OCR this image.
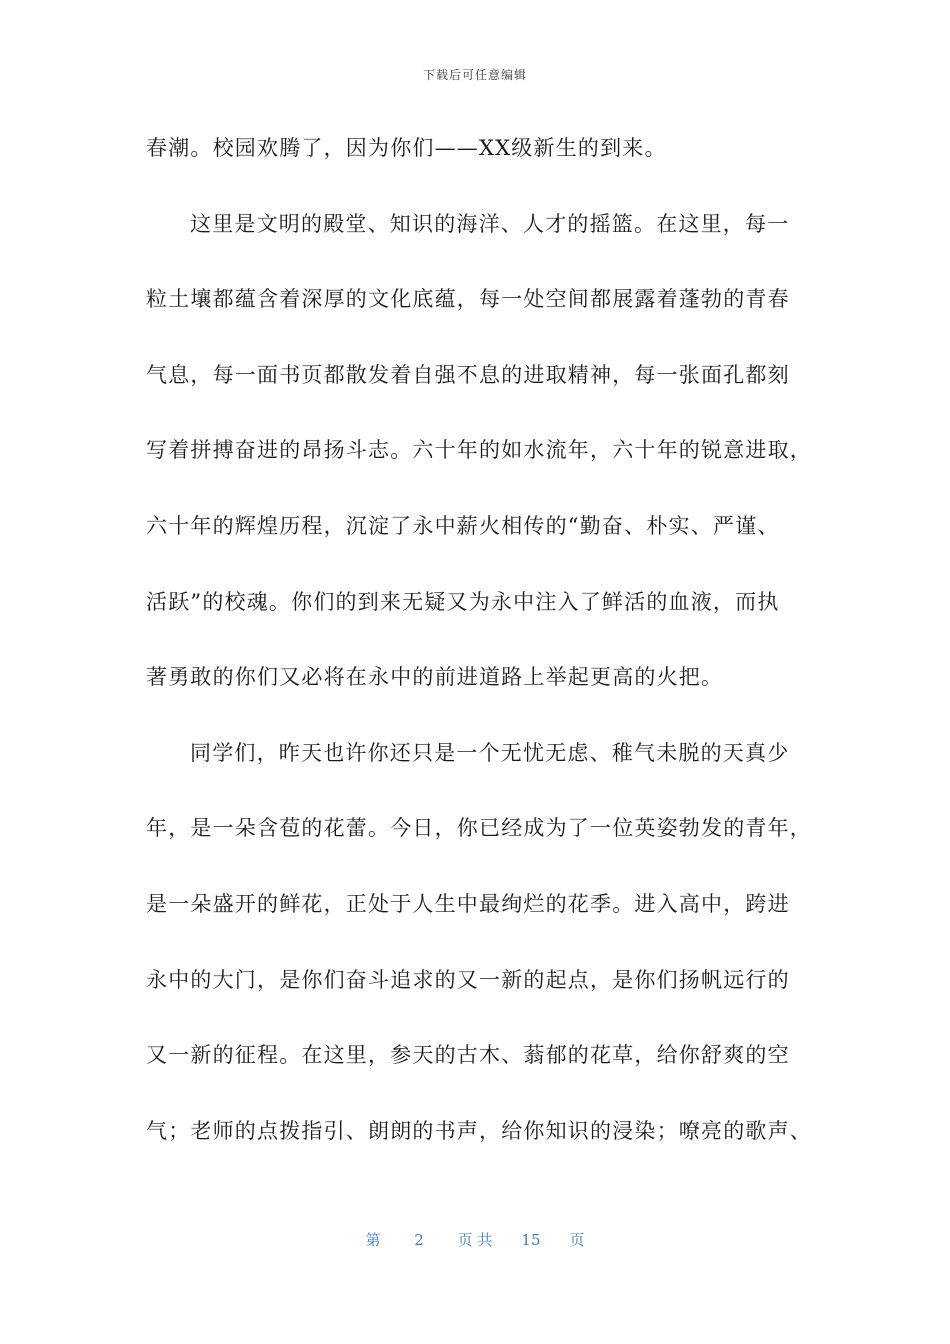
下载后可任意编辑
春潮。校园欢腾了，因为你们——XX级新生的到来。
这里是文明的殿堂、知识的海洋、人才的摇篮。在这里，每一
粒土壤都蕴含着深厚的文化底蕴，每一处空间都展露着蓬勃的青春
气息，每一面书页都散发着自强不息的进取精神，每一张面孔都刻
写着拼搏奋进的昂扬斗志。六十年的如水流年，六十年的锐意进取，
六十年的辉煌历程，沉淀了永中薪火相传的“勤奋、朴实、严谨、
活跃”的校魂。你们的到来无疑又为永中注入了鲜活的血液，而执
著勇敢的你们又必将在永中的前进道路上举起更高的火把。
同学们，昨天也许你还只是一个无忧无虑、稚气未脱的天真少
年，是一朵含苞的花蕾。今日，你已经成为了一位英姿勃发的青年，
是一朵盛开的鲜花，正处于人生中最绚烂的花季。进入高中，跨进
永中的大门，是你们奋斗追求的又一新的起点，是你们扬帆远行的
又一新的征程。在这里，参天的古木、蓊郁的花草，给你舒爽的空
气；老师的点拨指引、朗朗的书声，给你知识的浸染；嘹亮的歌声、
第 2 页 共 15 页
